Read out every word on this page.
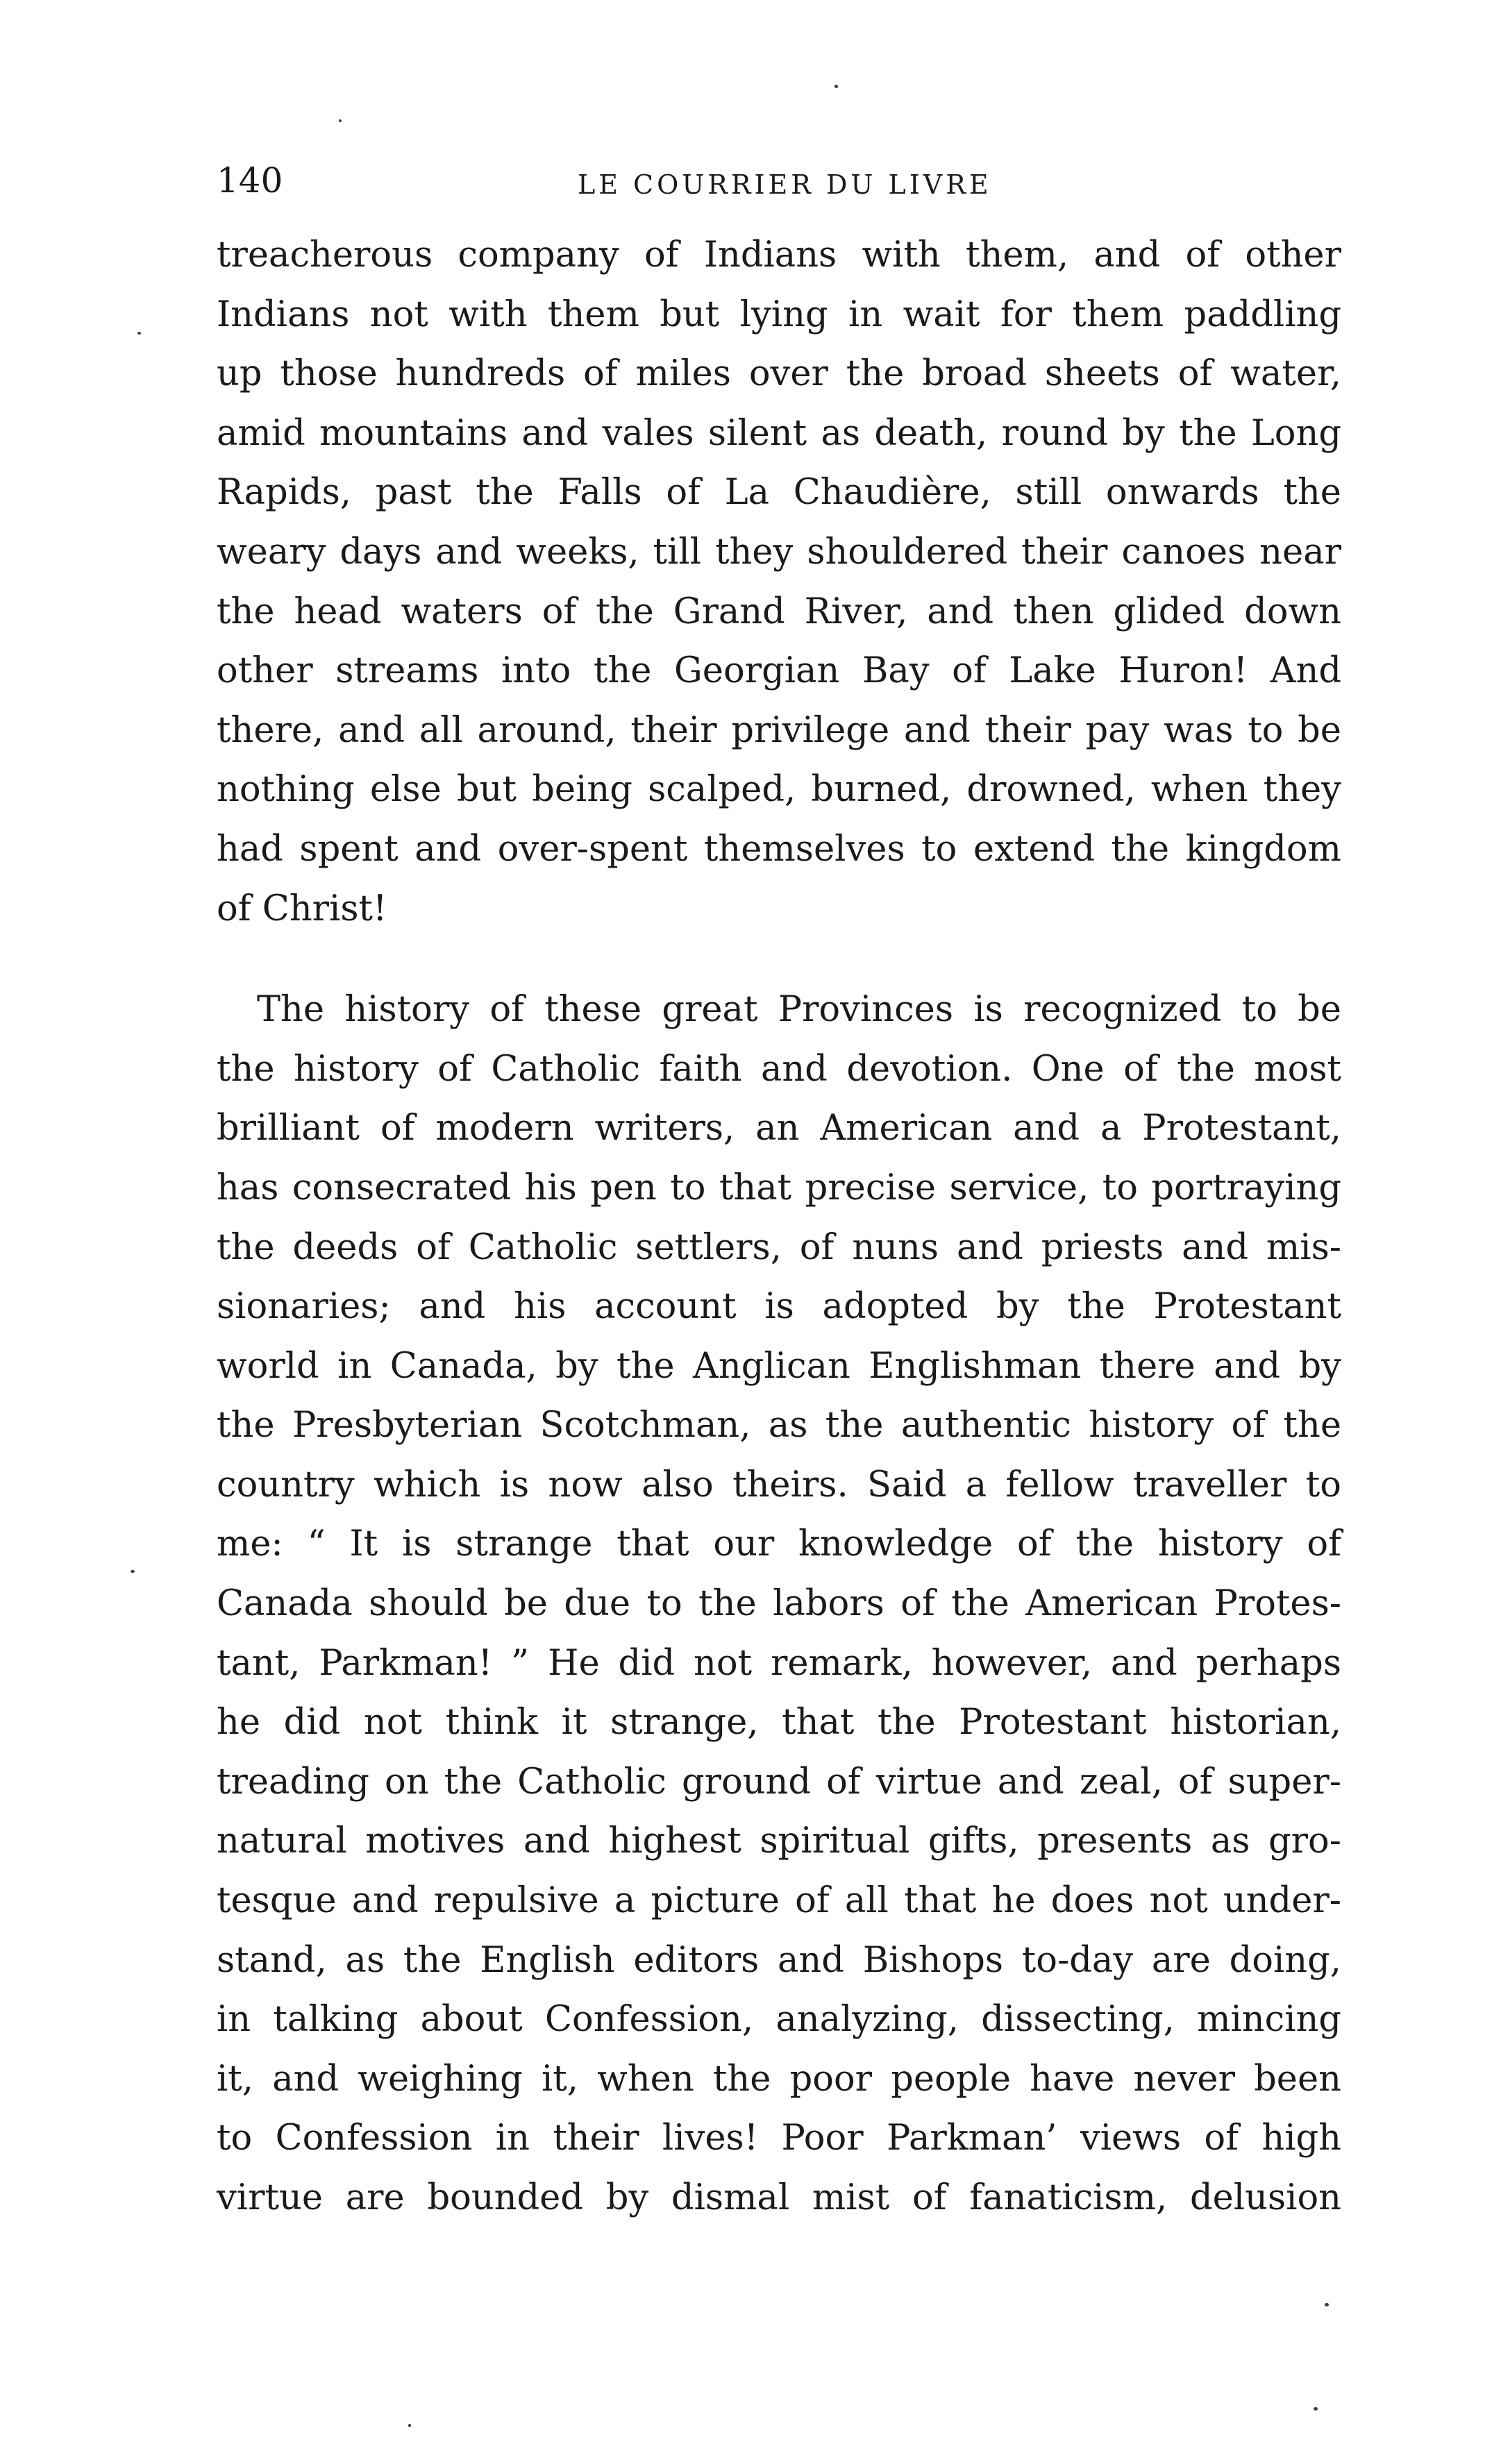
140	LE COURRIER DU LIVRE
treacherous company of Indians with them, and of other
Indians not with them but lying in wait for them paddling
up those hundreds of miles over the broad sheets of water,
amid mountains and vales silent as death, round by the Long
Rapids, past the Falls of La Chaudière, still onwards the
weary days and weeks, till they shouldered their canoes near
the head waters of the Grand River, and then glided down
other streams into the Georgian Bay of Lake Huron! And
there, and all around, their privilege and their pay was to be
nothing else but being scalped, burned, drowned, when they
had spent and over-spent themselves to extend the kingdom
of Christ!
The history of these great Provinces is recognized to be
the history of Catholic faith and devotion. One of the most
brilliant of modern writers, an American and a Protestant,
has consecrated his pen to that precise service, to portraying
the deeds of Catholic settlers, of nuns and priests and mis-
sionaries; and his account is adopted by the Protestant
world in Canada, by the Anglican Englishman there and by
the Presbyterian Scotchman, as the authentic history of the
country which is now also theirs. Said a fellow traveller to
me: “ It is strange that our knowledge of the history of
Canada should be due to the labors of the American Protes-
tant, Parkman! ” He did not remark, however, and perhaps
he did not think it strange, that the Protestant historian,
treading on the Catholic ground of virtue and zeal, of super-
natural motives and highest spiritual gifts, presents as gro-
tesque and repulsive a picture of all that he does not under-
stand, as the English editors and Bishops to-day are doing,
in talking about Confession, analyzing, dissecting, mincing
it, and weighing it, when the poor people have never been
to Confession in their lives! Poor Parkman’ views of high
virtue are bounded by dismal mist of fanaticism, delusion
